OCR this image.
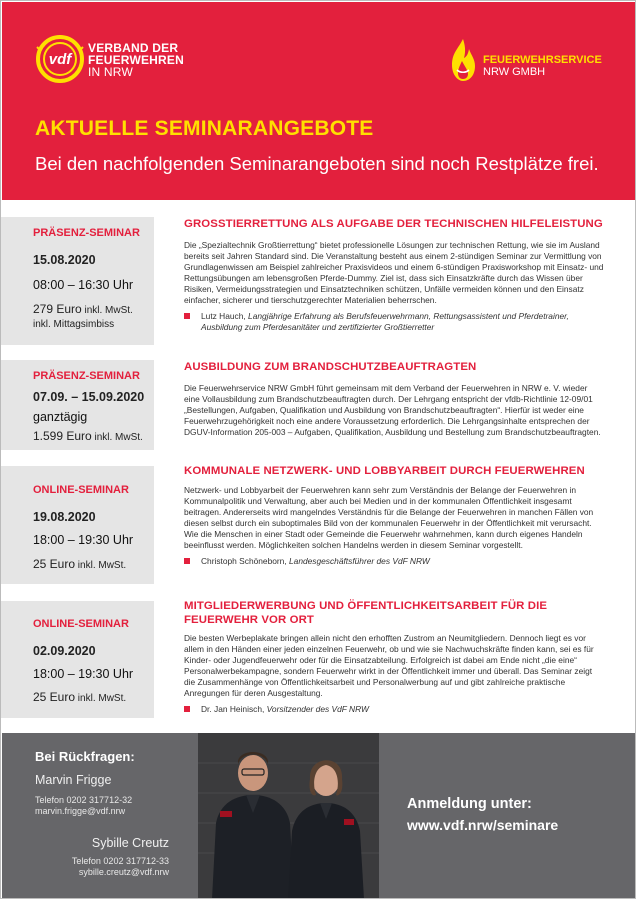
vdf
VERBAND DER
FEUERWEHREN
IN NRW
FEUERWEHRSERVICE
NRW GMBH
AKTUELLE SEMINARANGEBOTE
Bei den nachfolgenden Seminarangeboten sind noch Restplätze frei.
PRÄSENZ-SEMINAR
15.08.2020
08:00 – 16:30 Uhr
279 Euro inkl. MwSt.
inkl. Mittagsimbiss
PRÄSENZ-SEMINAR
07.09. – 15.09.2020
ganztägig
1.599 Euro inkl. MwSt.
ONLINE-SEMINAR
19.08.2020
18:00 – 19:30 Uhr
25 Euro inkl. MwSt.
ONLINE-SEMINAR
02.09.2020
18:00 – 19:30 Uhr
25 Euro inkl. MwSt.
GROSSTIERRETTUNG ALS AUFGABE DER TECHNISCHEN HILFELEISTUNG
Die „Spezialtechnik Großtierrettung“ bietet professionelle Lösungen zur technischen Rettung, wie sie im Ausland bereits seit Jahren Standard sind. Die Veranstaltung besteht aus einem 2-stündigen Seminar zur Vermittlung von Grundlagenwissen am Beispiel zahlreicher Praxisvideos und einem 6-stündigen Praxisworkshop mit Einsatz- und Rettungsübungen am lebensgroßen Pferde-Dummy. Ziel ist, dass sich Einsatzkräfte durch das Wissen über Risiken, Vermeidungsstrategien und Einsatztechniken schützen, Unfälle vermeiden können und den Einsatz einfacher, sicherer und tierschutzgerechter Materialien beherrschen.
Lutz Hauch, Langjährige Erfahrung als Berufsfeuerwehrmann, Rettungsassistent und Pferdetrainer, Ausbildung zum Pferdesanitäter und zertifizierter Großtierretter
AUSBILDUNG ZUM BRANDSCHUTZBEAUFTRAGTEN
Die Feuerwehrservice NRW GmbH führt gemeinsam mit dem Verband der Feuerwehren in NRW e. V. wieder eine Vollausbildung zum Brandschutzbeauftragten durch. Der Lehrgang entspricht der vfdb-Richtlinie 12-09/01 „Bestellungen, Aufgaben, Qualifikation und Ausbildung von Brandschutzbeauftragten“. Hierfür ist weder eine Feuerwehrzugehörigkeit noch eine andere Voraussetzung erforderlich. Die Lehrgangsinhalte entsprechen der DGUV-Information 205-003 – Aufgaben, Qualifikation, Ausbildung und Bestellung zum Brandschutzbeauftragten.
KOMMUNALE NETZWERK- UND LOBBYARBEIT DURCH FEUERWEHREN
Netzwerk- und Lobbyarbeit der Feuerwehren kann sehr zum Verständnis der Belange der Feuerwehren in Kommunalpolitik und Verwaltung, aber auch bei Medien und in der kommunalen Öffentlichkeit insgesamt beitragen. Andererseits wird mangelndes Verständnis für die Belange der Feuerwehren in manchen Fällen von diesen selbst durch ein suboptimales Bild von der kommunalen Feuerwehr in der Öffentlichkeit mit verursacht. Wie die Menschen in einer Stadt oder Gemeinde die Feuerwehr wahrnehmen, kann durch eigenes Handeln beeinflusst werden. Möglichkeiten solchen Handelns werden in diesem Seminar vorgestellt.
Christoph Schöneborn, Landesgeschäftsführer des VdF NRW
MITGLIEDERWERBUNG UND ÖFFENTLICHKEITSARBEIT FÜR DIE FEUERWEHR VOR ORT
Die besten Werbeplakate bringen allein nicht den erhofften Zustrom an Neumitgliedern. Dennoch liegt es vor allem in den Händen einer jeden einzelnen Feuerwehr, ob und wie sie Nachwuchskräfte finden kann, sei es für Kinder- oder Jugendfeuerwehr oder für die Einsatzabteilung. Erfolgreich ist dabei am Ende nicht „die eine“ Personalwerbekampagne, sondern Feuerwehr wirkt in der Öffentlichkeit immer und überall. Das Seminar zeigt die Zusammenhänge von Öffentlichkeitsarbeit und Personalwerbung auf und gibt zahlreiche praktische Anregungen für deren Ausgestaltung.
Dr. Jan Heinisch, Vorsitzender des VdF NRW
Bei Rückfragen:
Marvin Frigge
Telefon 0202 317712-32
marvin.frigge@vdf.nrw
Sybille Creutz
Telefon 0202 317712-33
sybille.creutz@vdf.nrw
Anmeldung unter:
www.vdf.nrw/seminare
